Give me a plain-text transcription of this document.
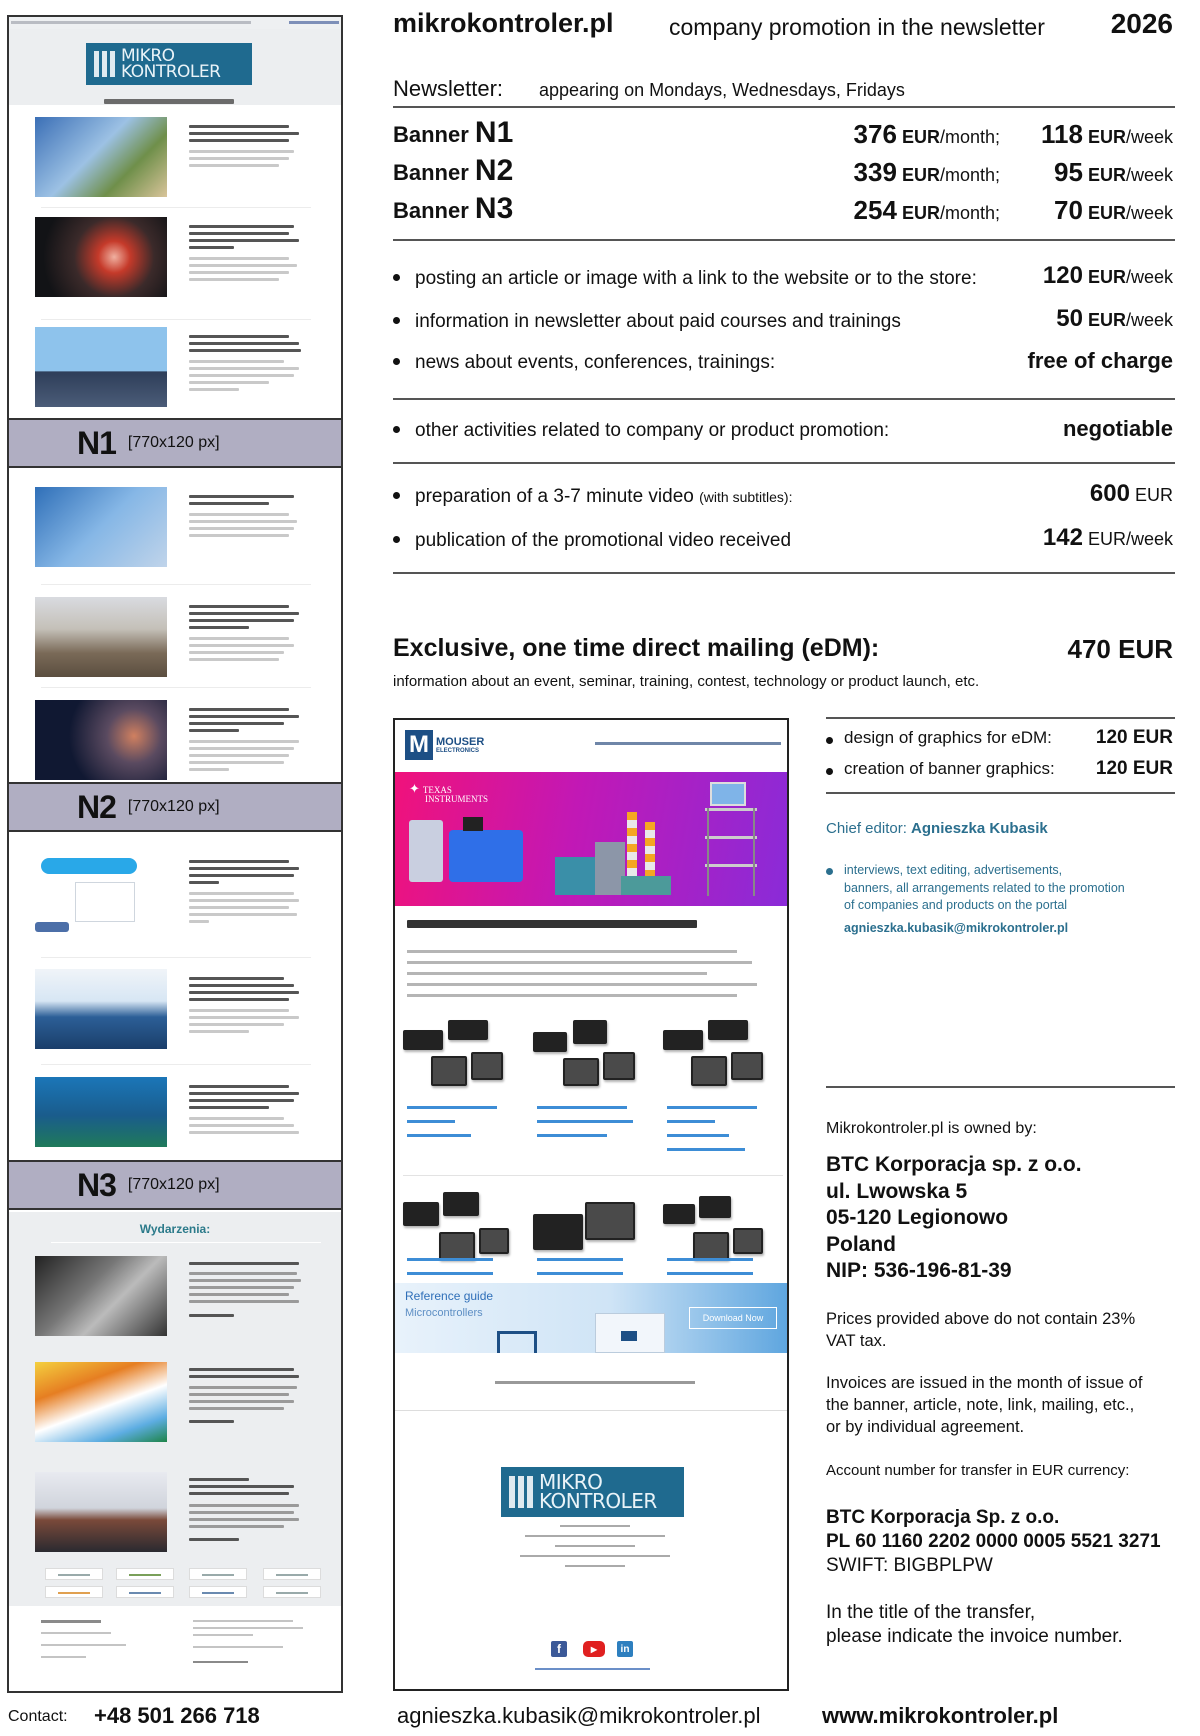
MIKRO
KONTROLER
N1 [770x120 px]
N2 [770x120 px]
N3 [770x120 px]
Wydarzenia:
mikrokontroler.pl company promotion in the newsletter 2026
Newsletter: appearing on Mondays, Wednesdays, Fridays
Banner N1	376 EUR/month; 118 EUR/week
Banner N2	339 EUR/month; 95 EUR/week
Banner N3	254 EUR/month; 70 EUR/week
posting an article or image with a link to the website or to the store:	120 EUR/week
information in newsletter about paid courses and trainings	50 EUR/week
news about events, conferences, trainings:	free of charge
other activities related to company or product promotion:	negotiable
preparation of a 3-7 minute video (with subtitles):	600 EUR
publication of the promotional video received	142 EUR/week
Exclusive, one time direct mailing (eDM):	470 EUR
information about an event, seminar, training, contest, technology or product launch, etc.
M MOUSER
ELECTRONICS
✦ TEXAS
INSTRUMENTS
Reference guide
Microcontrollers	Download Now
MIKRO
KONTROLER
f	▶	in
design of graphics for eDM: 120 EUR
creation of banner graphics: 120 EUR
Chief editor: Agnieszka Kubasik
interviews, text editing, advertisements,
banners, all arrangements related to the promotion
of companies and products on the portal
agnieszka.kubasik@mikrokontroler.pl
Mikrokontroler.pl is owned by:
BTC Korporacja sp. z o.o.
ul. Lwowska 5
05-120 Legionowo
Poland
NIP: 536-196-81-39
Prices provided above do not contain 23%
VAT tax.
Invoices are issued in the month of issue of
the banner, article, note, link, mailing, etc.,
or by individual agreement.
Account number for transfer in EUR currency:
BTC Korporacja Sp. z o.o.
PL 60 1160 2202 0000 0005 5521 3271
SWIFT: BIGBPLPW
In the title of the transfer,
please indicate the invoice number.
Contact: +48 501 266 718	agnieszka.kubasik@mikrokontroler.pl	www.mikrokontroler.pl
